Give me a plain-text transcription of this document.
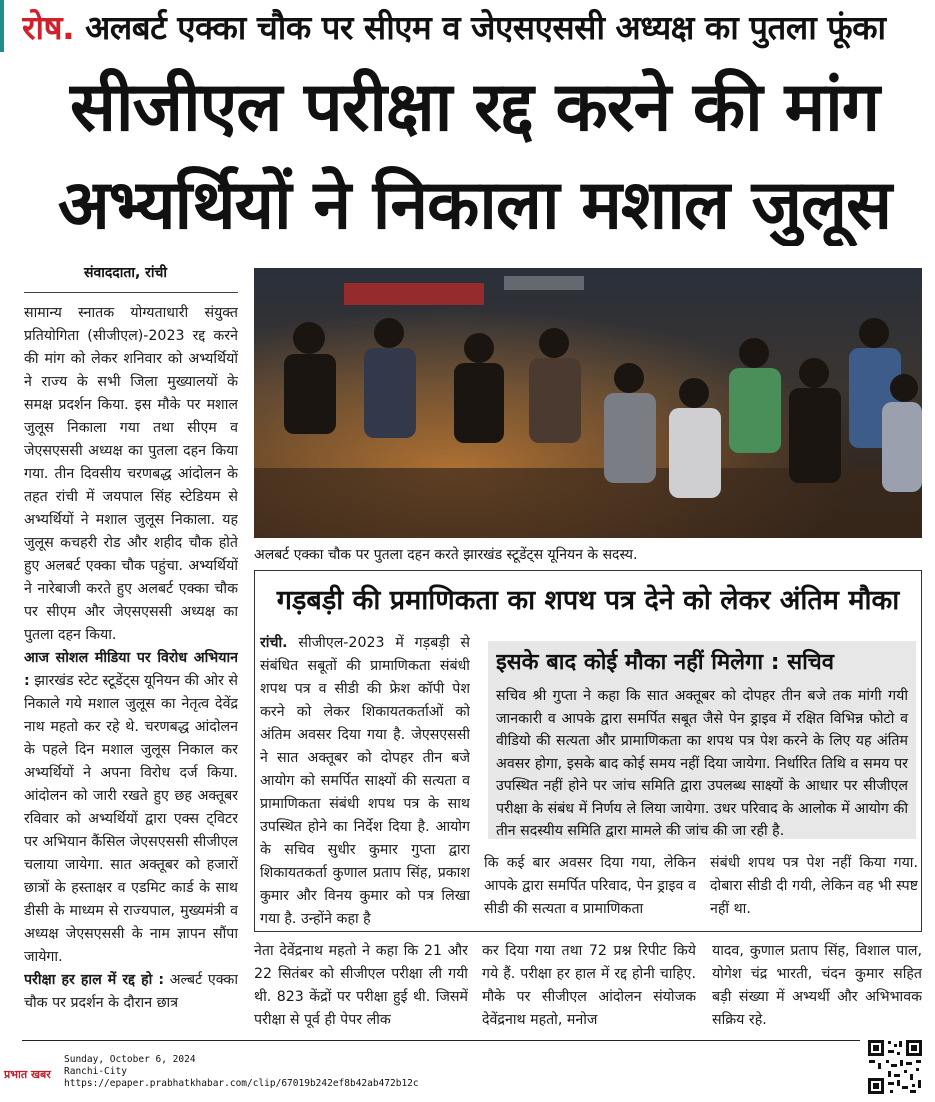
रोष. अलबर्ट एक्का चौक पर सीएम व जेएसएससी अध्यक्ष का पुतला फूंका
सीजीएल परीक्षा रद्द करने की मांग
अभ्यर्थियों ने निकाला मशाल जुलूस
संवाददाता, रांची

सामान्य स्नातक योग्यताधारी संयुक्त प्रतियोगिता (सीजीएल)-2023 रद्द करने की मांग को लेकर शनिवार को अभ्यर्थियों ने राज्य के सभी जिला मुख्यालयों के समक्ष प्रदर्शन किया. इस मौके पर मशाल जुलूस निकाला गया तथा सीएम व जेएसएससी अध्यक्ष का पुतला दहन किया गया. तीन दिवसीय चरणबद्ध आंदोलन के तहत रांची में जयपाल सिंह स्टेडियम से अभ्यर्थियों ने मशाल जुलूस निकाला. यह जुलूस कचहरी रोड और शहीद चौक होते हुए अलबर्ट एक्का चौक पहुंचा. अभ्यर्थियों ने नारेबाजी करते हुए अलबर्ट एक्का चौक पर सीएम और जेएसएससी अध्यक्ष का पुतला दहन किया.

आज सोशल मीडिया पर विरोध अभियान : झारखंड स्टेट स्टूडेंट्स यूनियन की ओर से निकाले गये मशाल जुलूस का नेतृत्व देवेंद्र नाथ महतो कर रहे थे. चरणबद्ध आंदोलन के पहले दिन मशाल जुलूस निकाल कर अभ्यर्थियों ने अपना विरोध दर्ज किया. आंदोलन को जारी रखते हुए छह अक्तूबर रविवार को अभ्यर्थियों द्वारा एक्स ट्विटर पर अभियान कैंसिल जेएसएससी सीजीएल चलाया जायेगा. सात अक्तूबर को हजारों छात्रों के हस्ताक्षर व एडमिट कार्ड के साथ डीसी के माध्यम से राज्यपाल, मुख्यमंत्री व अध्यक्ष जेएसएससी के नाम ज्ञापन सौंपा जायेगा.

परीक्षा हर हाल में रद्द हो : अल्बर्ट एक्का चौक पर प्रदर्शन के दौरान छात्र

अलबर्ट एक्का चौक पर पुतला दहन करते झारखंड स्टूडेंट्स यूनियन के सदस्य.
गड़बड़ी की प्रमाणिकता का शपथ पत्र देने को लेकर अंतिम मौका

रांची. सीजीएल-2023 में गड़बड़ी से संबंधित सबूतों की प्रामाणिकता संबंधी शपथ पत्र व सीडी की फ्रेश कॉपी पेश करने को लेकर शिकायतकर्ताओं को अंतिम अवसर दिया गया है. जेएसएससी ने सात अक्तूबर को दोपहर तीन बजे आयोग को समर्पित साक्ष्यों की सत्यता व प्रामाणिकता संबंधी शपथ पत्र के साथ उपस्थित होने का निर्देश दिया है. आयोग के सचिव सुधीर कुमार गुप्ता द्वारा शिकायतकर्ता कुणाल प्रताप सिंह, प्रकाश कुमार और विनय कुमार को पत्र लिखा गया है. उन्होंने कहा है

इसके बाद कोई मौका नहीं मिलेगा : सचिव
सचिव श्री गुप्ता ने कहा कि सात अक्तूबर को दोपहर तीन बजे तक मांगी गयी जानकारी व आपके द्वारा समर्पित सबूत जैसे पेन ड्राइव में रक्षित विभिन्न फोटो व वीडियो की सत्यता और प्रामाणिकता का शपथ पत्र पेश करने के लिए यह अंतिम अवसर होगा, इसके बाद कोई समय नहीं दिया जायेगा. निर्धारित तिथि व समय पर उपस्थित नहीं होने पर जांच समिति द्वारा उपलब्ध साक्ष्यों के आधार पर सीजीएल परीक्षा के संबंध में निर्णय ले लिया जायेगा. उधर परिवाद के आलोक में आयोग की तीन सदस्यीय समिति द्वारा मामले की जांच की जा रही है.

कि कई बार अवसर दिया गया, लेकिन आपके द्वारा समर्पित परिवाद, पेन ड्राइव व सीडी की सत्यता व प्रामाणिकता

संबंधी शपथ पत्र पेश नहीं किया गया. दोबारा सीडी दी गयी, लेकिन वह भी स्पष्ट नहीं था.

नेता देवेंद्रनाथ महतो ने कहा कि 21 और 22 सितंबर को सीजीएल परीक्षा ली गयी थी. 823 केंद्रों पर परीक्षा हुई थी. जिसमें परीक्षा से पूर्व ही पेपर लीक

कर दिया गया तथा 72 प्रश्न रिपीट किये गये हैं. परीक्षा हर हाल में रद्द होनी चाहिए. मौके पर सीजीएल आंदोलन संयोजक देवेंद्रनाथ महतो, मनोज

यादव, कुणाल प्रताप सिंह, विशाल पाल, योगेश चंद्र भारती, चंदन कुमार सहित बड़ी संख्या में अभ्यर्थी और अभिभावक सक्रिय रहे.

प्रभात खबर
Sunday, October 6, 2024
Ranchi-City
https://epaper.prabhatkhabar.com/clip/67019b242ef8b42ab472b12c
